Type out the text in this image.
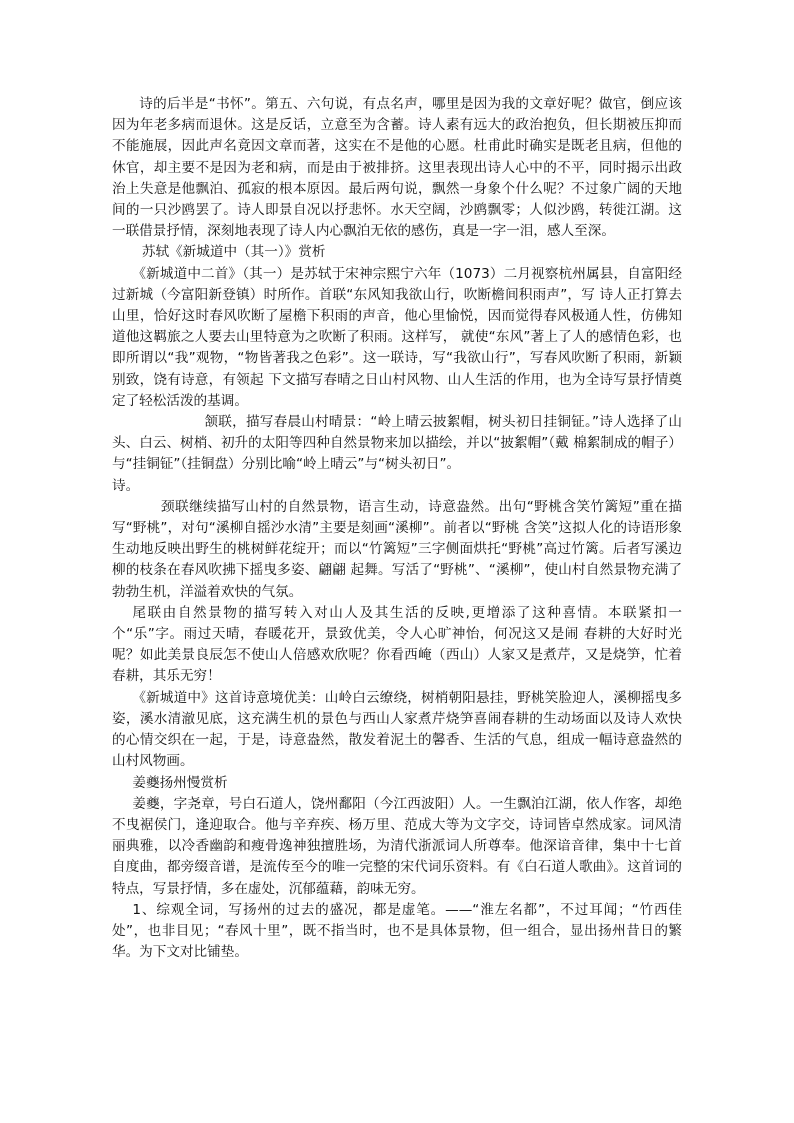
诗的后半是“书怀”。第五、六句说，有点名声，哪里是因为我的文章好呢？做官，倒应该因为年老多病而退休。这是反话，立意至为含蓄。诗人素有远大的政治抱负，但长期被压抑而不能施展，因此声名竟因文章而著，这实在不是他的心愿。杜甫此时确实是既老且病，但他的休官，却主要不是因为老和病，而是由于被排挤。这里表现出诗人心中的不平，同时揭示出政治上失意是他飘泊、孤寂的根本原因。最后两句说，飘然一身象个什么呢？不过象广阔的天地间的一只沙鸥罢了。诗人即景自况以抒悲怀。水天空阔，沙鸥飘零；人似沙鸥，转徙江湖。这一联借景抒情，深刻地表现了诗人内心飘泊无依的感伤，真是一字一泪，感人至深。

苏轼《新城道中（其一）》赏析

《新城道中二首》（其一）是苏轼于宋神宗熙宁六年（1073）二月视察杭州属县，自富阳经过新城（今富阳新登镇）时所作。首联“东风知我欲山行，吹断檐间积雨声”，写 诗人正打算去山里，恰好这时春风吹断了屋檐下积雨的声音，他心里愉悦，因而觉得春风极通人性，仿佛知道他这羁旅之人要去山里特意为之吹断了积雨。这样写， 就使“东风”著上了人的感情色彩，也即所谓以“我”观物，“物皆著我之色彩”。这一联诗，写“我欲山行”，写春风吹断了积雨，新颖别致，饶有诗意，有领起 下文描写春晴之日山村风物、山人生活的作用，也为全诗写景抒情奠定了轻松活泼的基调。

颔联，描写春晨山村晴景：“岭上晴云披絮帽，树头初日挂铜钲。”诗人选择了山头、白云、树梢、初升的太阳等四种自然景物来加以描绘，并以“披絮帽”（戴 棉絮制成的帽子）与“挂铜钲”（挂铜盘）分别比喻“岭上晴云”与“树头初日”。

诗。

颈联继续描写山村的自然景物，语言生动，诗意盎然。出句“野桃含笑竹篱短”重在描写“野桃”，对句“溪柳自摇沙水清”主要是刻画“溪柳”。前者以“野桃 含笑”这拟人化的诗语形象生动地反映出野生的桃树鲜花绽开；而以“竹篱短”三字侧面烘托“野桃”高过竹篱。后者写溪边柳的枝条在春风吹拂下摇曳多姿、翩翩 起舞。写活了“野桃”、“溪柳”，使山村自然景物充满了勃勃生机，洋溢着欢快的气氛。

尾联由自然景物的描写转入对山人及其生活的反映,更增添了这种喜情。本联紧扣一个“乐”字。雨过天晴，春暖花开，景致优美，令人心旷神怡，何况这又是闹 春耕的大好时光呢？如此美景良辰怎不使山人倍感欢欣呢？你看西崦（西山）人家又是煮芹，又是烧笋，忙着春耕，其乐无穷！

《新城道中》这首诗意境优美：山岭白云缭绕，树梢朝阳悬挂，野桃笑脸迎人，溪柳摇曳多姿，溪水清澈见底，这充满生机的景色与西山人家煮芹烧笋喜闹春耕的生动场面以及诗人欢快的心情交织在一起，于是，诗意盎然，散发着泥土的馨香、生活的气息，组成一幅诗意盎然的山村风物画。

姜夔扬州慢赏析

姜夔，字尧章，号白石道人，饶州鄱阳（今江西波阳）人。一生飘泊江湖，依人作客，却绝不曳裾侯门，逢迎取合。他与辛弃疾、杨万里、范成大等为文字交，诗词皆卓然成家。词风清丽典雅，以冷香幽韵和瘦骨逸神独擅胜场，为清代浙派词人所尊奉。他深谙音律，集中十七首自度曲，都旁缀音谱，是流传至今的唯一完整的宋代词乐资料。有《白石道人歌曲》。这首词的特点，写景抒情，多在虚处，沉郁蕴藉，韵味无穷。

1、综观全词，写扬州的过去的盛况，都是虚笔。——“淮左名都”，不过耳闻；“竹西佳处”，也非目见；“春风十里”，既不指当时，也不是具体景物，但一组合，显出扬州昔日的繁华。为下文对比铺垫。
